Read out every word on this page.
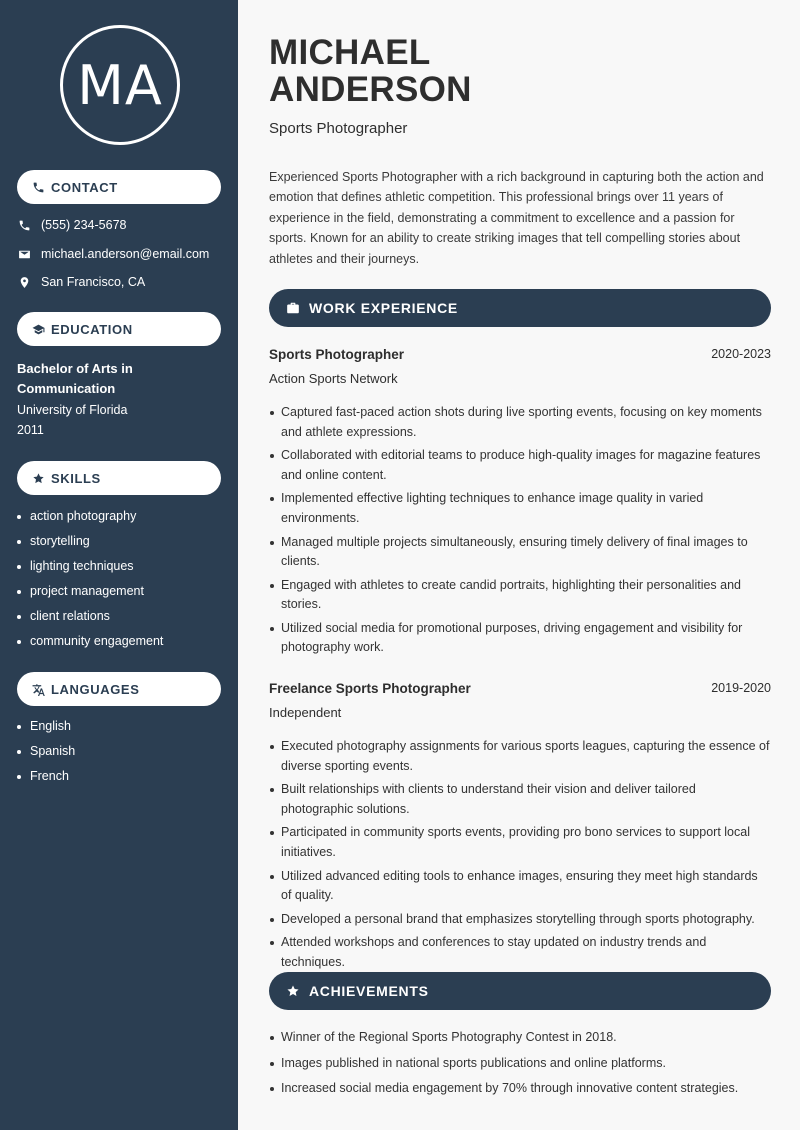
MA
CONTACT
(555) 234-5678
michael.anderson@email.com
San Francisco, CA
EDUCATION
Bachelor of Arts in Communication
University of Florida
2011
SKILLS
action photography
storytelling
lighting techniques
project management
client relations
community engagement
LANGUAGES
English
Spanish
French
MICHAEL
ANDERSON
Sports Photographer
Experienced Sports Photographer with a rich background in capturing both the action and emotion that defines athletic competition. This professional brings over 11 years of experience in the field, demonstrating a commitment to excellence and a passion for sports. Known for an ability to create striking images that tell compelling stories about athletes and their journeys.
WORK EXPERIENCE
Sports Photographer	2020-2023
Action Sports Network
Captured fast-paced action shots during live sporting events, focusing on key moments and athlete expressions.
Collaborated with editorial teams to produce high-quality images for magazine features and online content.
Implemented effective lighting techniques to enhance image quality in varied environments.
Managed multiple projects simultaneously, ensuring timely delivery of final images to clients.
Engaged with athletes to create candid portraits, highlighting their personalities and stories.
Utilized social media for promotional purposes, driving engagement and visibility for photography work.
Freelance Sports Photographer	2019-2020
Independent
Executed photography assignments for various sports leagues, capturing the essence of diverse sporting events.
Built relationships with clients to understand their vision and deliver tailored photographic solutions.
Participated in community sports events, providing pro bono services to support local initiatives.
Utilized advanced editing tools to enhance images, ensuring they meet high standards of quality.
Developed a personal brand that emphasizes storytelling through sports photography.
Attended workshops and conferences to stay updated on industry trends and techniques.
ACHIEVEMENTS
Winner of the Regional Sports Photography Contest in 2018.
Images published in national sports publications and online platforms.
Increased social media engagement by 70% through innovative content strategies.
